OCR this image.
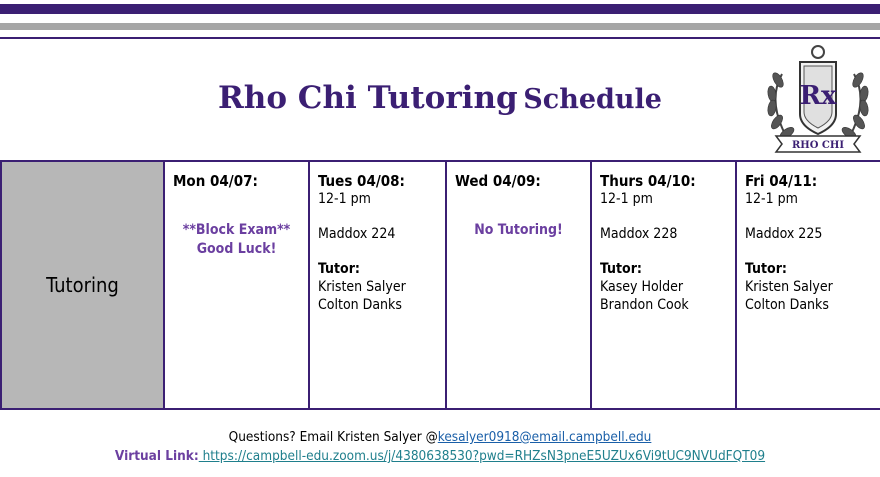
Rho Chi Tutoring Schedule	Rx
RHO CHI
Tutoring	
Mon 04/07:
**Block Exam**
Good Luck!

Tues 04/08:
12-1 pm
Maddox 224
Tutor:
Kristen Salyer
Colton Danks

Wed 04/09:
No Tutoring!

Thurs 04/10:
12-1 pm
Maddox 228
Tutor:
Kasey Holder
Brandon Cook

Fri 04/11:
12-1 pm
Maddox 225
Tutor:
Kristen Salyer
Colton Danks
Questions? Email Kristen Salyer @kesalyer0918@email.campbell.edu
Virtual Link: https://campbell-edu.zoom.us/j/4380638530?pwd=RHZsN3pneE5UZUx6Vi9tUC9NVUdFQT09
